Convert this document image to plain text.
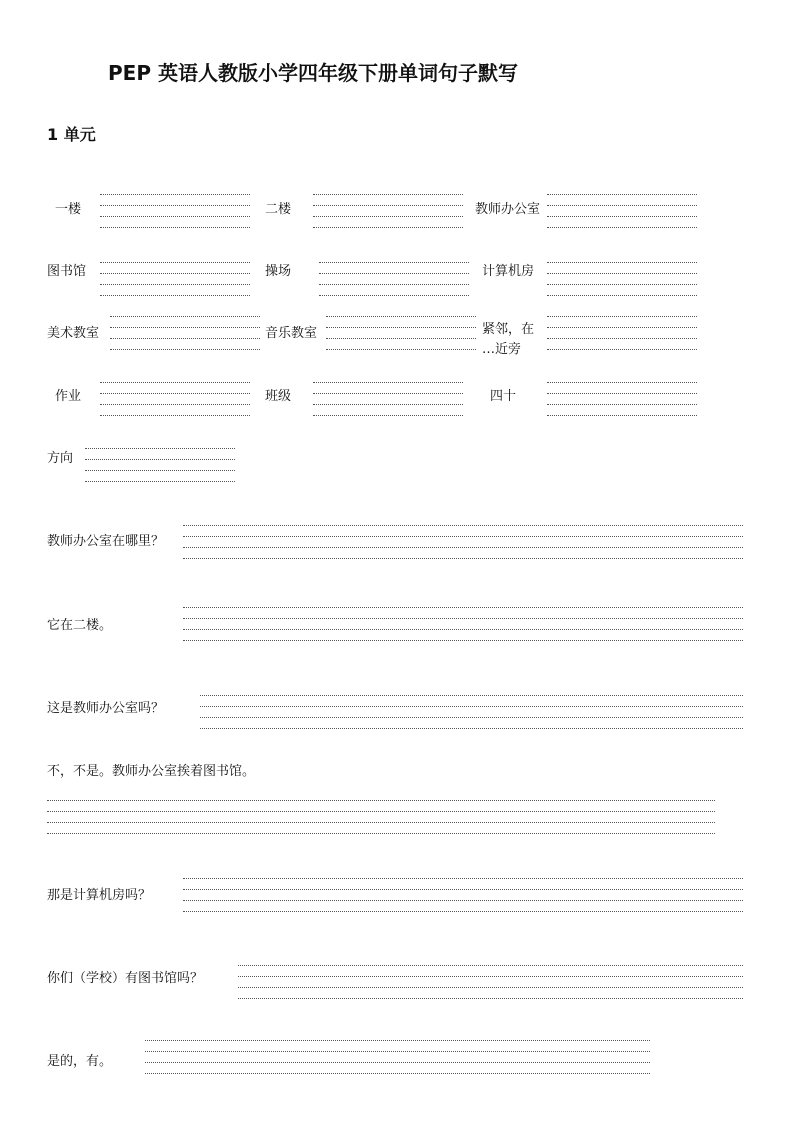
PEP 英语人教版小学四年级下册单词句子默写
1 单元
一楼	二楼	教师办公室
图书馆	操场	计算机房
美术教室	音乐教室	紧邻，在
…近旁
作业	班级	四十
方向
教师办公室在哪里？
它在二楼。
这是教师办公室吗？
不，不是。教师办公室挨着图书馆。
那是计算机房吗？
你们（学校）有图书馆吗？
是的，有。
